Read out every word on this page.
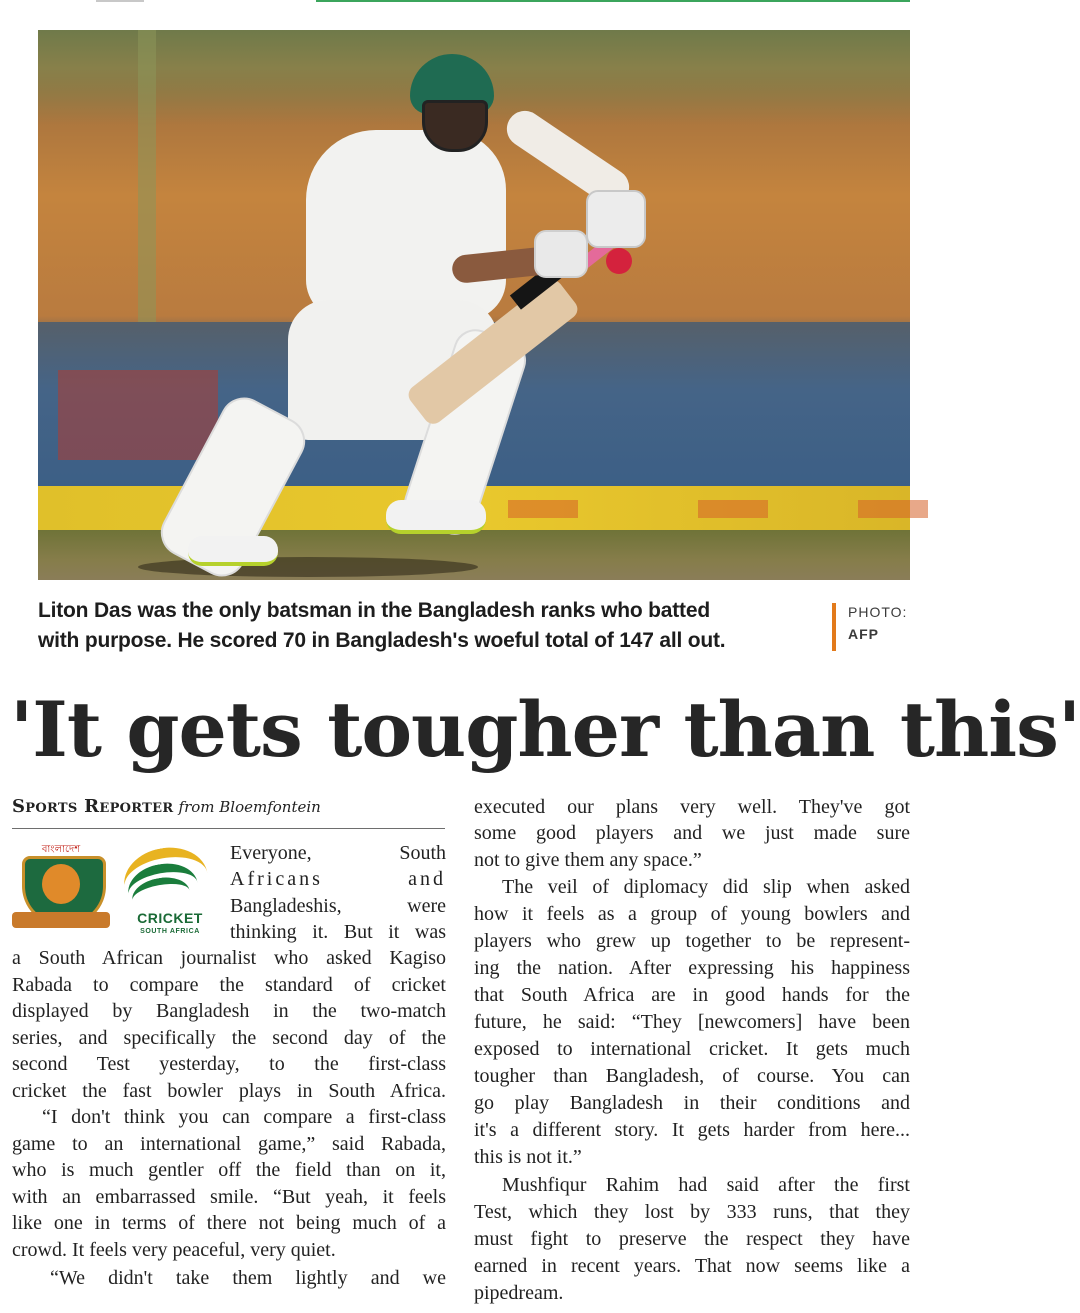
Liton Das was the only batsman in the Bangladesh ranks who batted
with purpose. He scored 70 in Bangladesh's woeful total of 147 all out.
PHOTO:
AFP
'It gets tougher than this'
Sports Reporter from Bloemfontein
বাংলাদেশ
CRICKET
SOUTH AFRICA
Everyone, South
Africans and
Bangladeshis, were
thinking it. But it was
a South African journalist who asked Kagiso
Rabada to compare the standard of cricket
displayed by Bangladesh in the two-match
series, and specifically the second day of the
second Test yesterday, to the first-class
cricket the fast bowler plays in South Africa.
“I don't think you can compare a first-class
game to an international game,” said Rabada,
who is much gentler off the field than on it,
with an embarrassed smile. “But yeah, it feels
like one in terms of there not being much of a
crowd. It feels very peaceful, very quiet.
“We didn't take them lightly and we
executed our plans very well. They've got
some good players and we just made sure
not to give them any space.”
The veil of diplomacy did slip when asked
how it feels as a group of young bowlers and
players who grew up together to be represent-
ing the nation. After expressing his happiness
that South Africa are in good hands for the
future, he said: “They [newcomers] have been
exposed to international cricket. It gets much
tougher than Bangladesh, of course. You can
go play Bangladesh in their conditions and
it's a different story. It gets harder from here...
this is not it.”
Mushfiqur Rahim had said after the first
Test, which they lost by 333 runs, that they
must fight to preserve the respect they have
earned in recent years. That now seems like a
pipedream.
